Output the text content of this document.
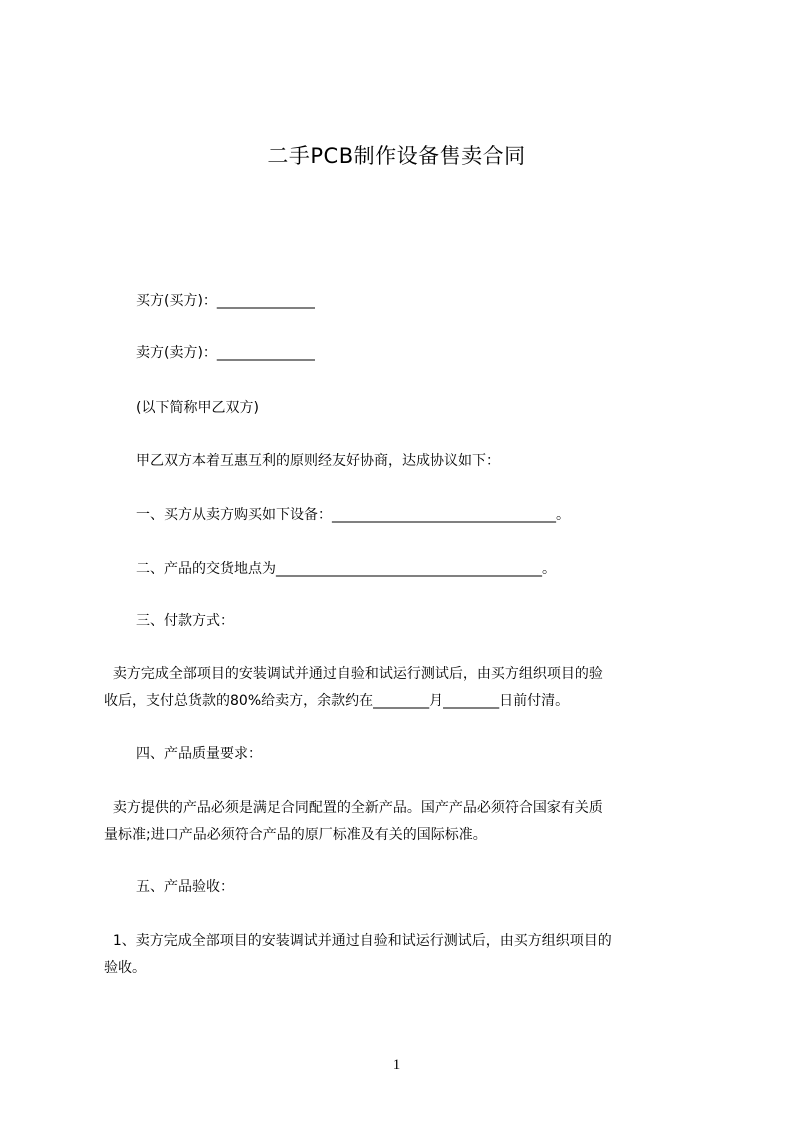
二手PCB制作设备售卖合同
买方(买方)：______________
卖方(卖方)：______________
(以下简称甲乙双方)
甲乙双方本着互惠互利的原则经友好协商，达成协议如下：
一、买方从卖方购买如下设备：________________________________。
二、产品的交货地点为______________________________________。
三、付款方式：
卖方完成全部项目的安装调试并通过自验和试运行测试后，由买方组织项目的验
收后，支付总货款的80%给卖方，余款约在________月________日前付清。
四、产品质量要求：
卖方提供的产品必须是满足合同配置的全新产品。国产产品必须符合国家有关质
量标准;进口产品必须符合产品的原厂标准及有关的国际标准。
五、产品验收：
1、卖方完成全部项目的安装调试并通过自验和试运行测试后，由买方组织项目的
验收。
1
